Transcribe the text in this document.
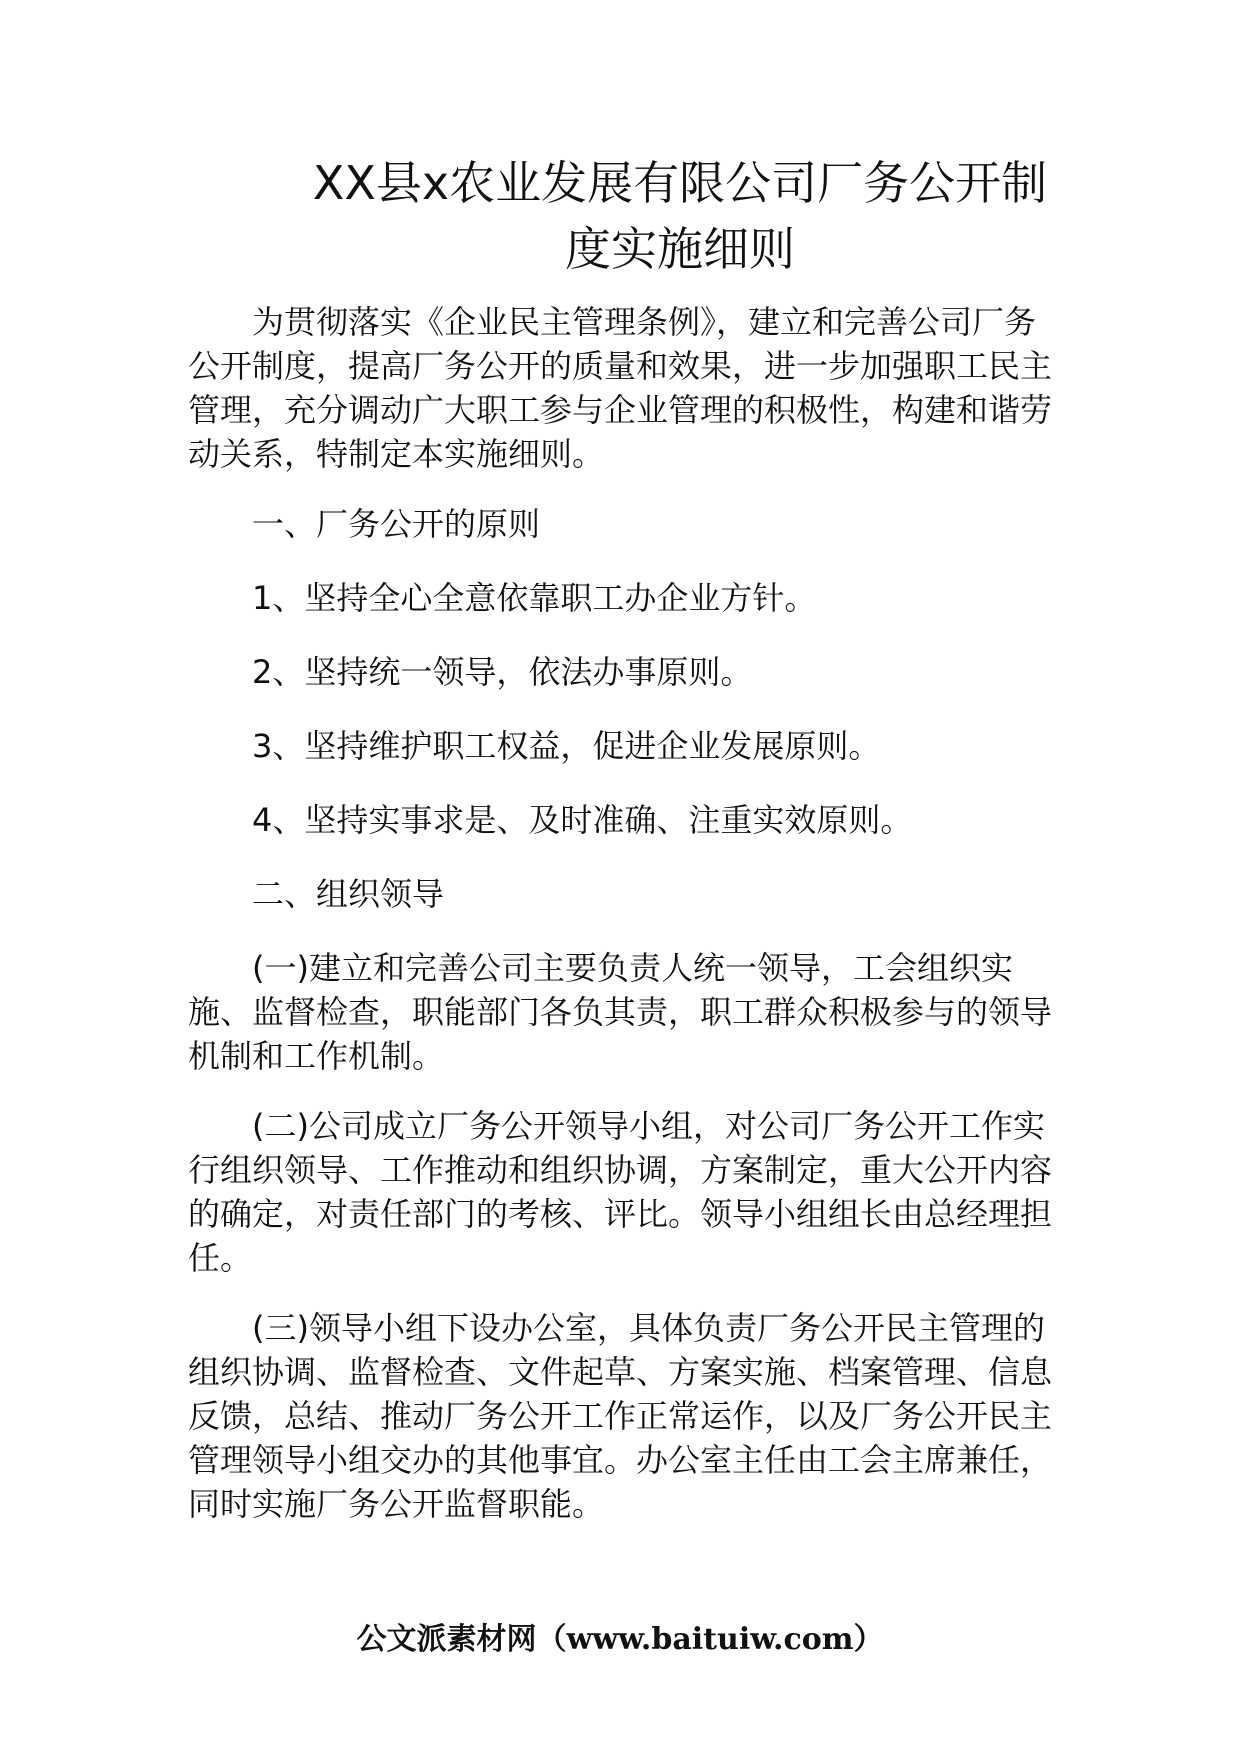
XX县x农业发展有限公司厂务公开制
度实施细则

为贯彻落实《企业民主管理条例》，建立和完善公司厂务公开制度，提高厂务公开的质量和效果，进一步加强职工民主管理，充分调动广大职工参与企业管理的积极性，构建和谐劳动关系，特制定本实施细则。

一、厂务公开的原则

1、坚持全心全意依靠职工办企业方针。

2、坚持统一领导，依法办事原则。

3、坚持维护职工权益，促进企业发展原则。

4、坚持实事求是、及时准确、注重实效原则。

二、组织领导

(一)建立和完善公司主要负责人统一领导，工会组织实施、监督检查，职能部门各负其责，职工群众积极参与的领导机制和工作机制。

(二)公司成立厂务公开领导小组，对公司厂务公开工作实行组织领导、工作推动和组织协调，方案制定，重大公开内容的确定，对责任部门的考核、评比。领导小组组长由总经理担任。

(三)领导小组下设办公室，具体负责厂务公开民主管理的组织协调、监督检查、文件起草、方案实施、档案管理、信息反馈，总结、推动厂务公开工作正常运作，以及厂务公开民主管理领导小组交办的其他事宜。办公室主任由工会主席兼任，同时实施厂务公开监督职能。

公文派素材网（www.baituiw.com）
